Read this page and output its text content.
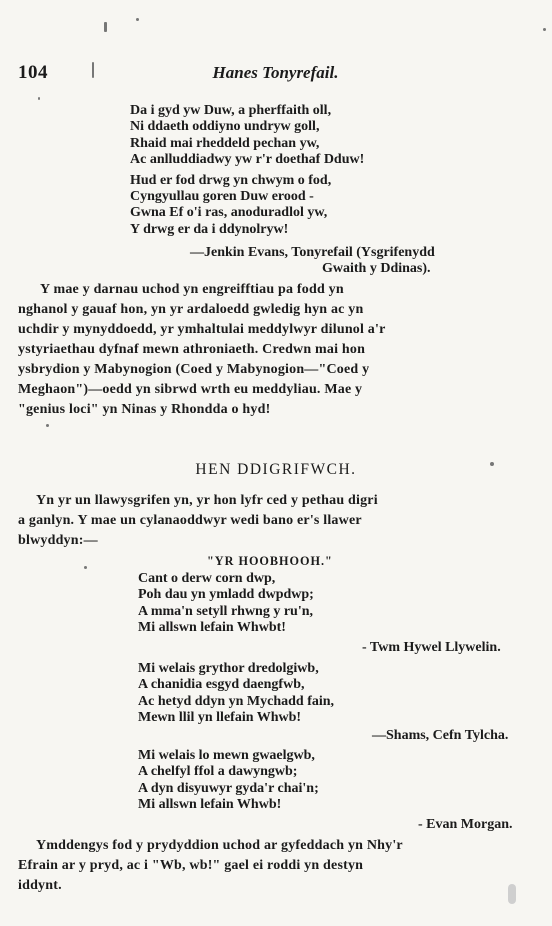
104	Hanes Tonyrefail.
Da i gyd yw Duw, a pherffaith oll,
Ni ddaeth oddiyno undryw goll,
Rhaid mai rheddeld pechan yw,
Ac anlluddiadwy yw r'r doethaf Dduw!
Hud er fod drwg yn chwym o fod,
Cyngyullau goren Duw erood -
Gwna Ef o'i ras, anoduradlol yw,
Y drwg er da i ddynolryw!
—Jenkin Evans, Tonyrefail (Ysgrifenydd
Gwaith y Ddinas).
Y mae y darnau uchod yn engreifftiau pa fodd yn
nghanol y gauaf hon, yn yr ardaloedd gwledig hyn ac yn
uchdir y mynyddoedd, yr ymhaltulai meddylwyr dilunol a'r
ystyriaethau dyfnaf mewn athroniaeth. Credwn mai hon
ysbrydion y Mabynogion (Coed y Mabynogion—"Coed y
Meghaon")—oedd yn sibrwd wrth eu meddyliau. Mae y
"genius loci" yn Ninas y Rhondda o hyd!
HEN DDIGRIFWCH.
Yn yr un llawysgrifen yn, yr hon lyfr ced y pethau digri
a ganlyn. Y mae un cylanaoddwyr wedi bano er's llawer
blwyddyn:—
"YR HOOBHOOH."
Cant o derw corn dwp,
Poh dau yn ymladd dwpdwp;
A mma'n setyll rhwng y ru'n,
Mi allswn lefain Whwbt!
- Twm Hywel Llywelin.
Mi welais grythor dredolgiwb,
A chanidia esgyd daengfwb,
Ac hetyd ddyn yn Mychadd fain,
Mewn llil yn llefain Whwb!
—Shams, Cefn Tylcha.
Mi welais lo mewn gwaelgwb,
A chelfyl ffol a dawyngwb;
A dyn disyuwyr gyda'r chai'n;
Mi allswn lefain Whwb!
- Evan Morgan.
Ymddengys fod y prydyddion uchod ar gyfeddach yn Nhy'r
Efrain ar y pryd, ac i "Wb, wb!" gael ei roddi yn destyn
iddynt.
